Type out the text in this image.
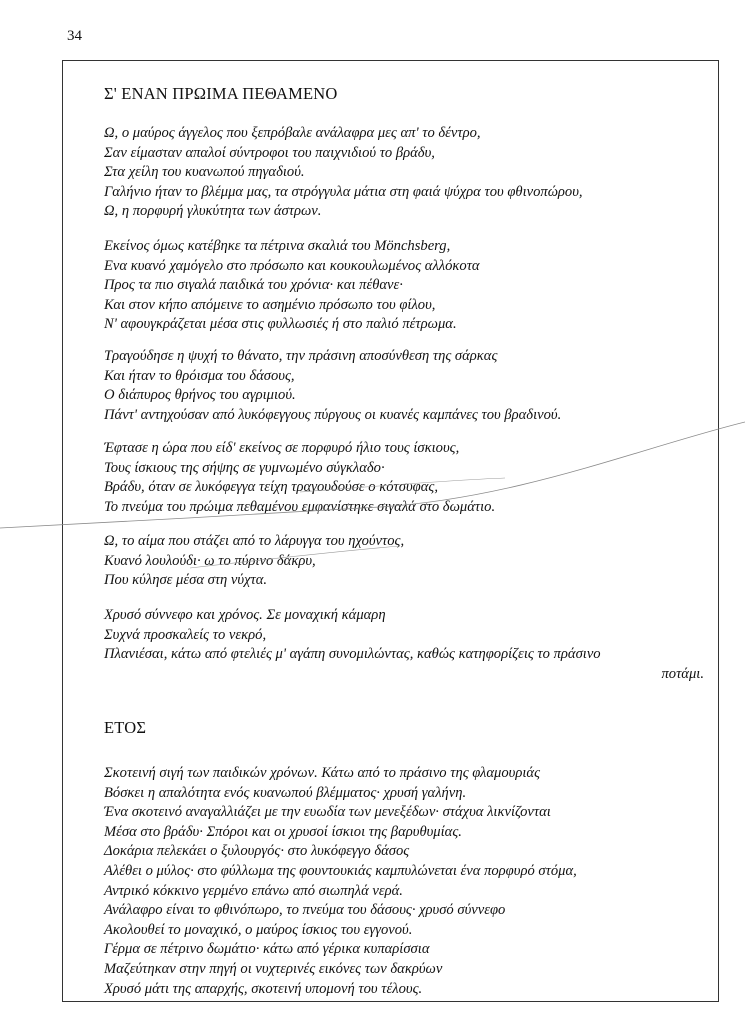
34
Σ' ΕΝΑΝ ΠΡΩΙΜΑ ΠΕΘΑΜΕΝΟ
Ω, ο μαύρος άγγελος που ξεπρόβαλε ανάλαφρα μες απ' το δέντρο,
Σαν είμασταν απαλοί σύντροφοι του παιχνιδιού το βράδυ,
Στα χείλη του κυανωπού πηγαδιού.
Γαλήνιο ήταν το βλέμμα μας, τα στρόγγυλα μάτια στη φαιά ψύχρα του φθινοπώρου,
Ω, η πορφυρή γλυκύτητα των άστρων.
Εκείνος όμως κατέβηκε τα πέτρινα σκαλιά του Mönchsberg,
Ενα κυανό χαμόγελο στο πρόσωπο και κουκουλωμένος αλλόκοτα
Προς τα πιο σιγαλά παιδικά του χρόνια· και πέθανε·
Και στον κήπο απόμεινε το ασημένιο πρόσωπο του φίλου,
Ν' αφουγκράζεται μέσα στις φυλλωσιές ή στο παλιό πέτρωμα.
Τραγούδησε η ψυχή το θάνατο, την πράσινη αποσύνθεση της σάρκας
Και ήταν το θρόισμα του δάσους,
Ο διάπυρος θρήνος του αγριμιού.
Πάντ' αντηχούσαν από λυκόφεγγους πύργους οι κυανές καμπάνες του βραδινού.
Έφτασε η ώρα που είδ' εκείνος σε πορφυρό ήλιο τους ίσκιους,
Τους ίσκιους της σήψης σε γυμνωμένο σύγκλαδο·
Βράδυ, όταν σε λυκόφεγγα τείχη τραγουδούσε ο κότσυφας,
Το πνεύμα του πρώιμα πεθαμένου εμφανίστηκε σιγαλά στο δωμάτιο.
Ω, το αίμα που στάζει από το λάρυγγα του ηχούντος,
Κυανό λουλούδι· ω το πύρινο δάκρυ,
Που κύλησε μέσα στη νύχτα.
Χρυσό σύννεφο και χρόνος. Σε μοναχική κάμαρη
Συχνά προσκαλείς το νεκρό,
Πλανιέσαι, κάτω από φτελιές μ' αγάπη συνομιλώντας, καθώς κατηφορίζεις το πράσινο
ποτάμι.
ΕΤΟΣ
Σκοτεινή σιγή των παιδικών χρόνων. Κάτω από το πράσινο της φλαμουριάς
Βόσκει η απαλότητα ενός κυανωπού βλέμματος· χρυσή γαλήνη.
Ένα σκοτεινό αναγαλλιάζει με την ευωδία των μενεξέδων· στάχυα λικνίζονται
Μέσα στο βράδυ· Σπόροι και οι χρυσοί ίσκιοι της βαρυθυμίας.
Δοκάρια πελεκάει ο ξυλουργός· στο λυκόφεγγο δάσος
Αλέθει ο μύλος· στο φύλλωμα της φουντουκιάς καμπυλώνεται ένα πορφυρό στόμα,
Αντρικό κόκκινο γερμένο επάνω από σιωπηλά νερά.
Ανάλαφρο είναι το φθινόπωρο, το πνεύμα του δάσους· χρυσό σύννεφο
Ακολουθεί το μοναχικό, ο μαύρος ίσκιος του εγγονού.
Γέρμα σε πέτρινο δωμάτιο· κάτω από γέρικα κυπαρίσσια
Μαζεύτηκαν στην πηγή οι νυχτερινές εικόνες των δακρύων
Χρυσό μάτι της απαρχής, σκοτεινή υπομονή του τέλους.
